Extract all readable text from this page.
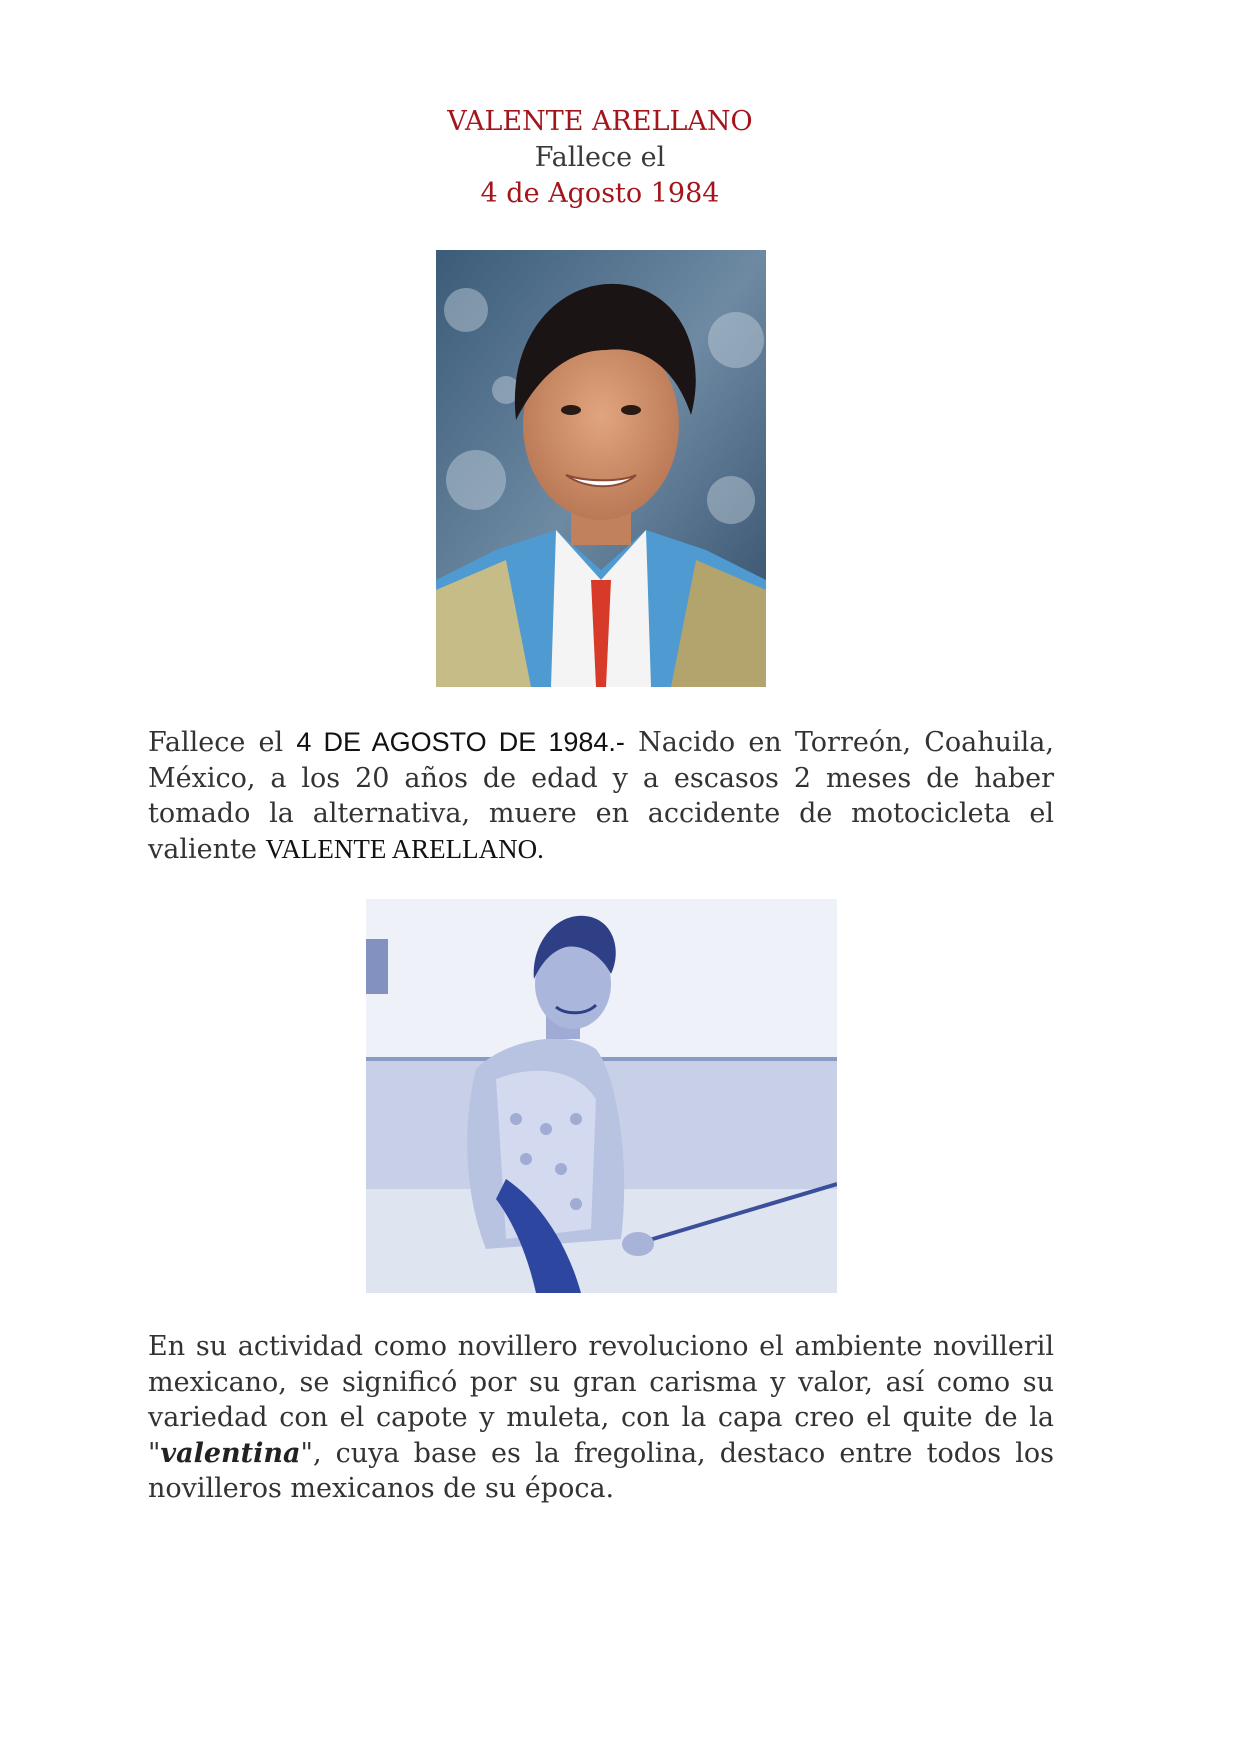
VALENTE ARELLANO
Fallece el
4 de Agosto 1984

Fallece el 4 DE AGOSTO DE 1984.- Nacido en Torreón, Coahuila, México, a los 20 años de edad y a escasos 2 meses de haber tomado la alternativa, muere en accidente de motocicleta el valiente VALENTE ARELLANO.

En su actividad como novillero revoluciono el ambiente novilleril mexicano, se significó por su gran carisma y valor, así como su variedad con el capote y muleta, con la capa creo el quite de la "valentina", cuya base es la fregolina, destaco entre todos los novilleros mexicanos de su época.
